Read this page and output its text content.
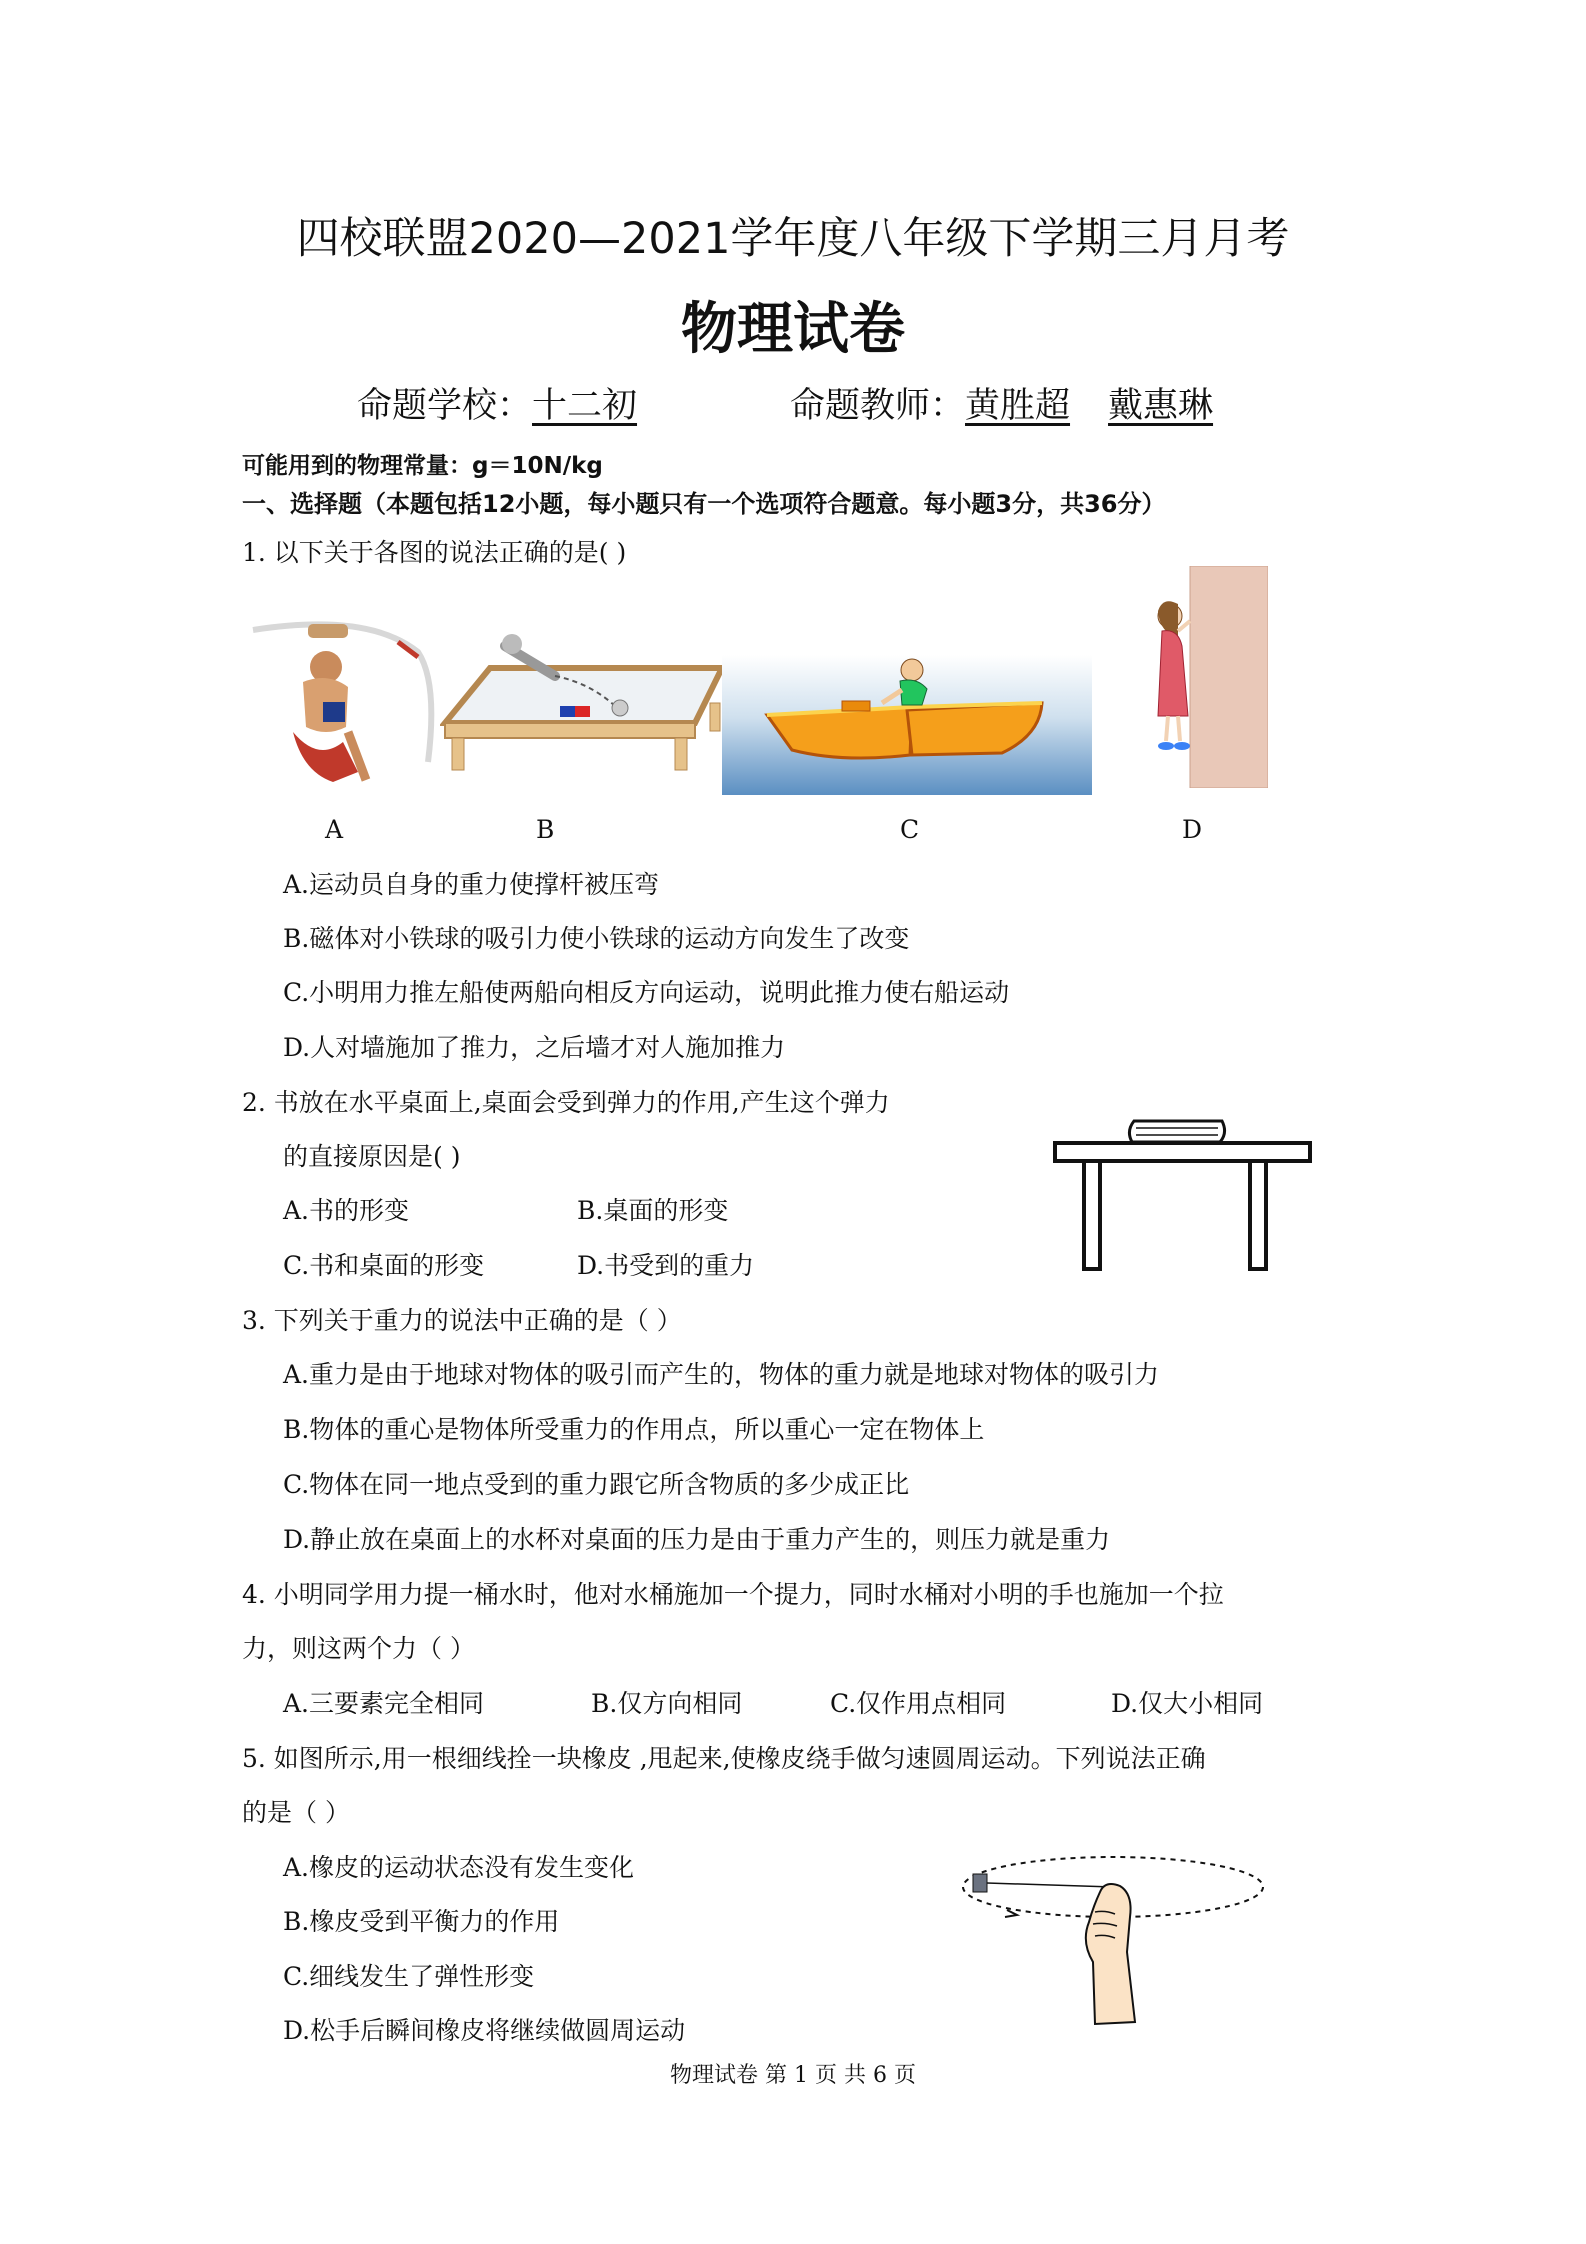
四校联盟2020—2021学年度八年级下学期三月月考
物理试卷
命题学校：十二初	命题教师：黄胜超 戴惠琳
可能用到的物理常量：g＝10N/kg
一、选择题（本题包括12小题，每小题只有一个选项符合题意。每小题3分，共36分）
1. 以下关于各图的说法正确的是( )
A	B	C	D
A.运动员自身的重力使撑杆被压弯
B.磁体对小铁球的吸引力使小铁球的运动方向发生了改变
C.小明用力推左船使两船向相反方向运动，说明此推力使右船运动
D.人对墙施加了推力，之后墙才对人施加推力
2. 书放在水平桌面上,桌面会受到弹力的作用,产生这个弹力
的直接原因是( )
A.书的形变	B.桌面的形变
C.书和桌面的形变	D.书受到的重力
3. 下列关于重力的说法中正确的是（ ）
A.重力是由于地球对物体的吸引而产生的，物体的重力就是地球对物体的吸引力
B.物体的重心是物体所受重力的作用点，所以重心一定在物体上
C.物体在同一地点受到的重力跟它所含物质的多少成正比
D.静止放在桌面上的水杯对桌面的压力是由于重力产生的，则压力就是重力
4. 小明同学用力提一桶水时，他对水桶施加一个提力，同时水桶对小明的手也施加一个拉
力，则这两个力（ ）
A.三要素完全相同	B.仅方向相同	C.仅作用点相同	D.仅大小相同
5. 如图所示,用一根细线拴一块橡皮 ,甩起来,使橡皮绕手做匀速圆周运动。下列说法正确
的是（ ）
A.橡皮的运动状态没有发生变化
B.橡皮受到平衡力的作用
C.细线发生了弹性形变
D.松手后瞬间橡皮将继续做圆周运动
物理试卷 第 1 页 共 6 页
